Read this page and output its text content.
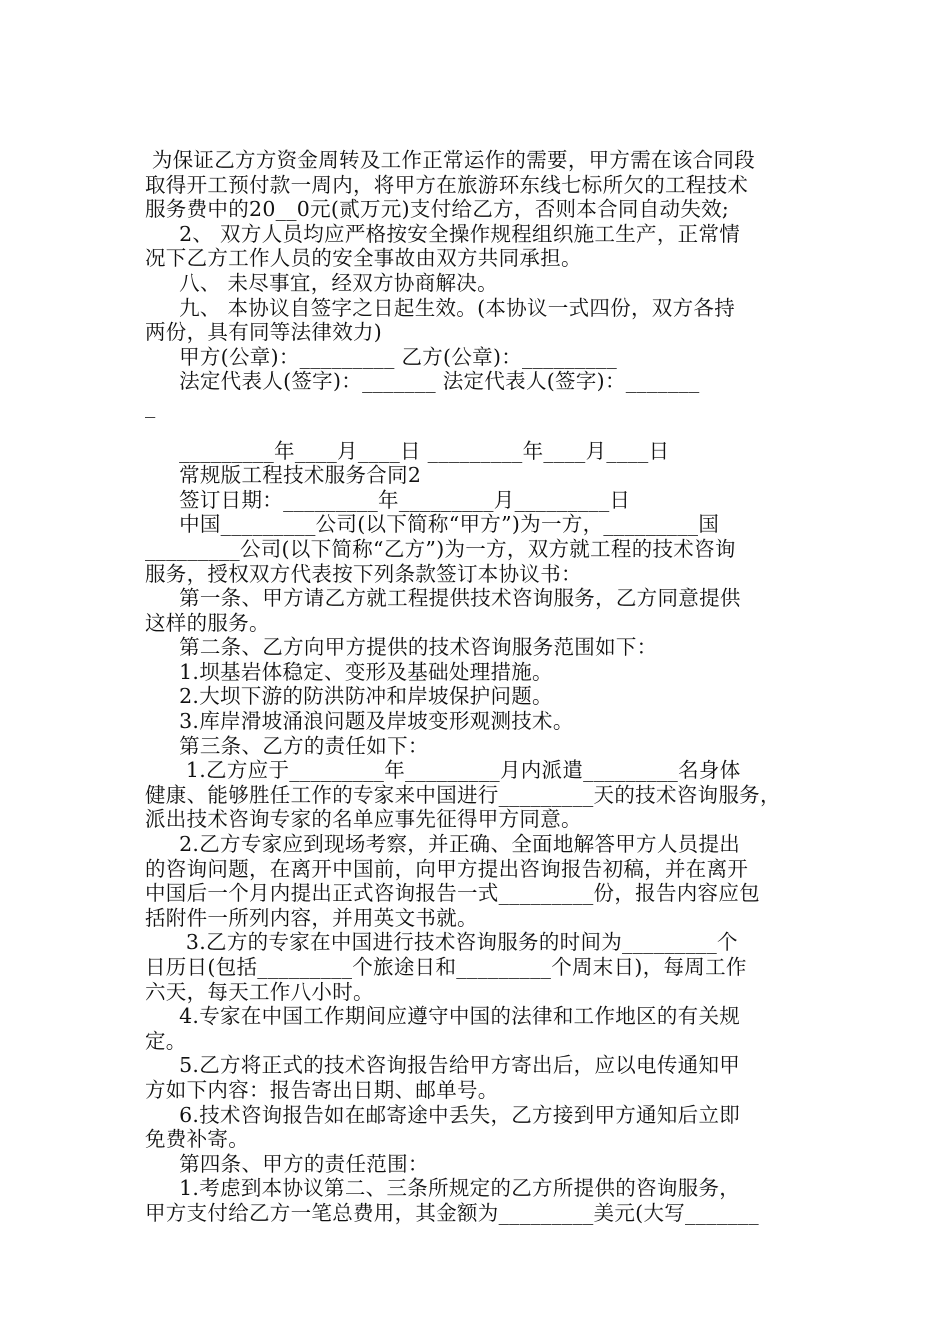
为保证乙方方资金周转及工作正常运作的需要，甲方需在该合同段
取得开工预付款一周内，将甲方在旅游环东线七标所欠的工程技术
服务费中的20__0元(贰万元)支付给乙方，否则本合同自动失效;
2、 双方人员均应严格按安全操作规程组织施工生产，正常情
况下乙方工作人员的安全事故由双方共同承担。
八、 未尽事宜，经双方协商解决。
九、 本协议自签字之日起生效。(本协议一式四份，双方各持
两份，具有同等法律效力)
甲方(公章)：_________ 乙方(公章)：_________
法定代表人(签字)：_______ 法定代表人(签字)：_______
_
_________年____月____日 _________年____月____日
常规版工程技术服务合同2
签订日期：_________年_________月_________日
中国_________公司(以下简称“甲方”)为一方，_________国
_________公司(以下简称“乙方”)为一方，双方就工程的技术咨询
服务，授权双方代表按下列条款签订本协议书：
第一条、甲方请乙方就工程提供技术咨询服务，乙方同意提供
这样的服务。
第二条、乙方向甲方提供的技术咨询服务范围如下：
1.坝基岩体稳定、变形及基础处理措施。
2.大坝下游的防洪防冲和岸坡保护问题。
3.库岸滑坡涌浪问题及岸坡变形观测技术。
第三条、乙方的责任如下：
1.乙方应于_________年_________月内派遣_________名身体
健康、能够胜任工作的专家来中国进行_________天的技术咨询服务，
派出技术咨询专家的名单应事先征得甲方同意。
2.乙方专家应到现场考察，并正确、全面地解答甲方人员提出
的咨询问题，在离开中国前，向甲方提出咨询报告初稿，并在离开
中国后一个月内提出正式咨询报告一式_________份，报告内容应包
括附件一所列内容，并用英文书就。
3.乙方的专家在中国进行技术咨询服务的时间为_________个
日历日(包括_________个旅途日和_________个周末日)，每周工作
六天，每天工作八小时。
4.专家在中国工作期间应遵守中国的法律和工作地区的有关规
定。
5.乙方将正式的技术咨询报告给甲方寄出后，应以电传通知甲
方如下内容：报告寄出日期、邮单号。
6.技术咨询报告如在邮寄途中丢失，乙方接到甲方通知后立即
免费补寄。
第四条、甲方的责任范围：
1.考虑到本协议第二、三条所规定的乙方所提供的咨询服务，
甲方支付给乙方一笔总费用，其金额为_________美元(大写_______
